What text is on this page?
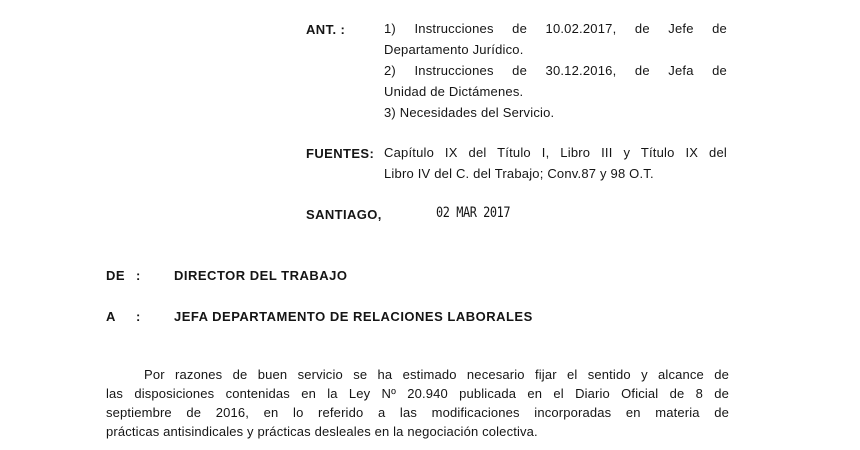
ANT. :	1) Instrucciones de 10.02.2017, de Jefe de
Departamento Jurídico.
2) Instrucciones de 30.12.2016, de Jefa de
Unidad de Dictámenes.
3) Necesidades del Servicio.
FUENTES: Capítulo IX del Título I, Libro III y Título IX del
Libro IV del C. del Trabajo; Conv.87 y 98 O.T.
SANTIAGO,	02 MAR 2017
DE :	DIRECTOR DEL TRABAJO
A :	JEFA DEPARTAMENTO DE RELACIONES LABORALES
Por razones de buen servicio se ha estimado necesario fijar el sentido y alcance de
las disposiciones contenidas en la Ley Nº 20.940 publicada en el Diario Oficial de 8 de
septiembre de 2016, en lo referido a las modificaciones incorporadas en materia de
prácticas antisindicales y prácticas desleales en la negociación colectiva.
